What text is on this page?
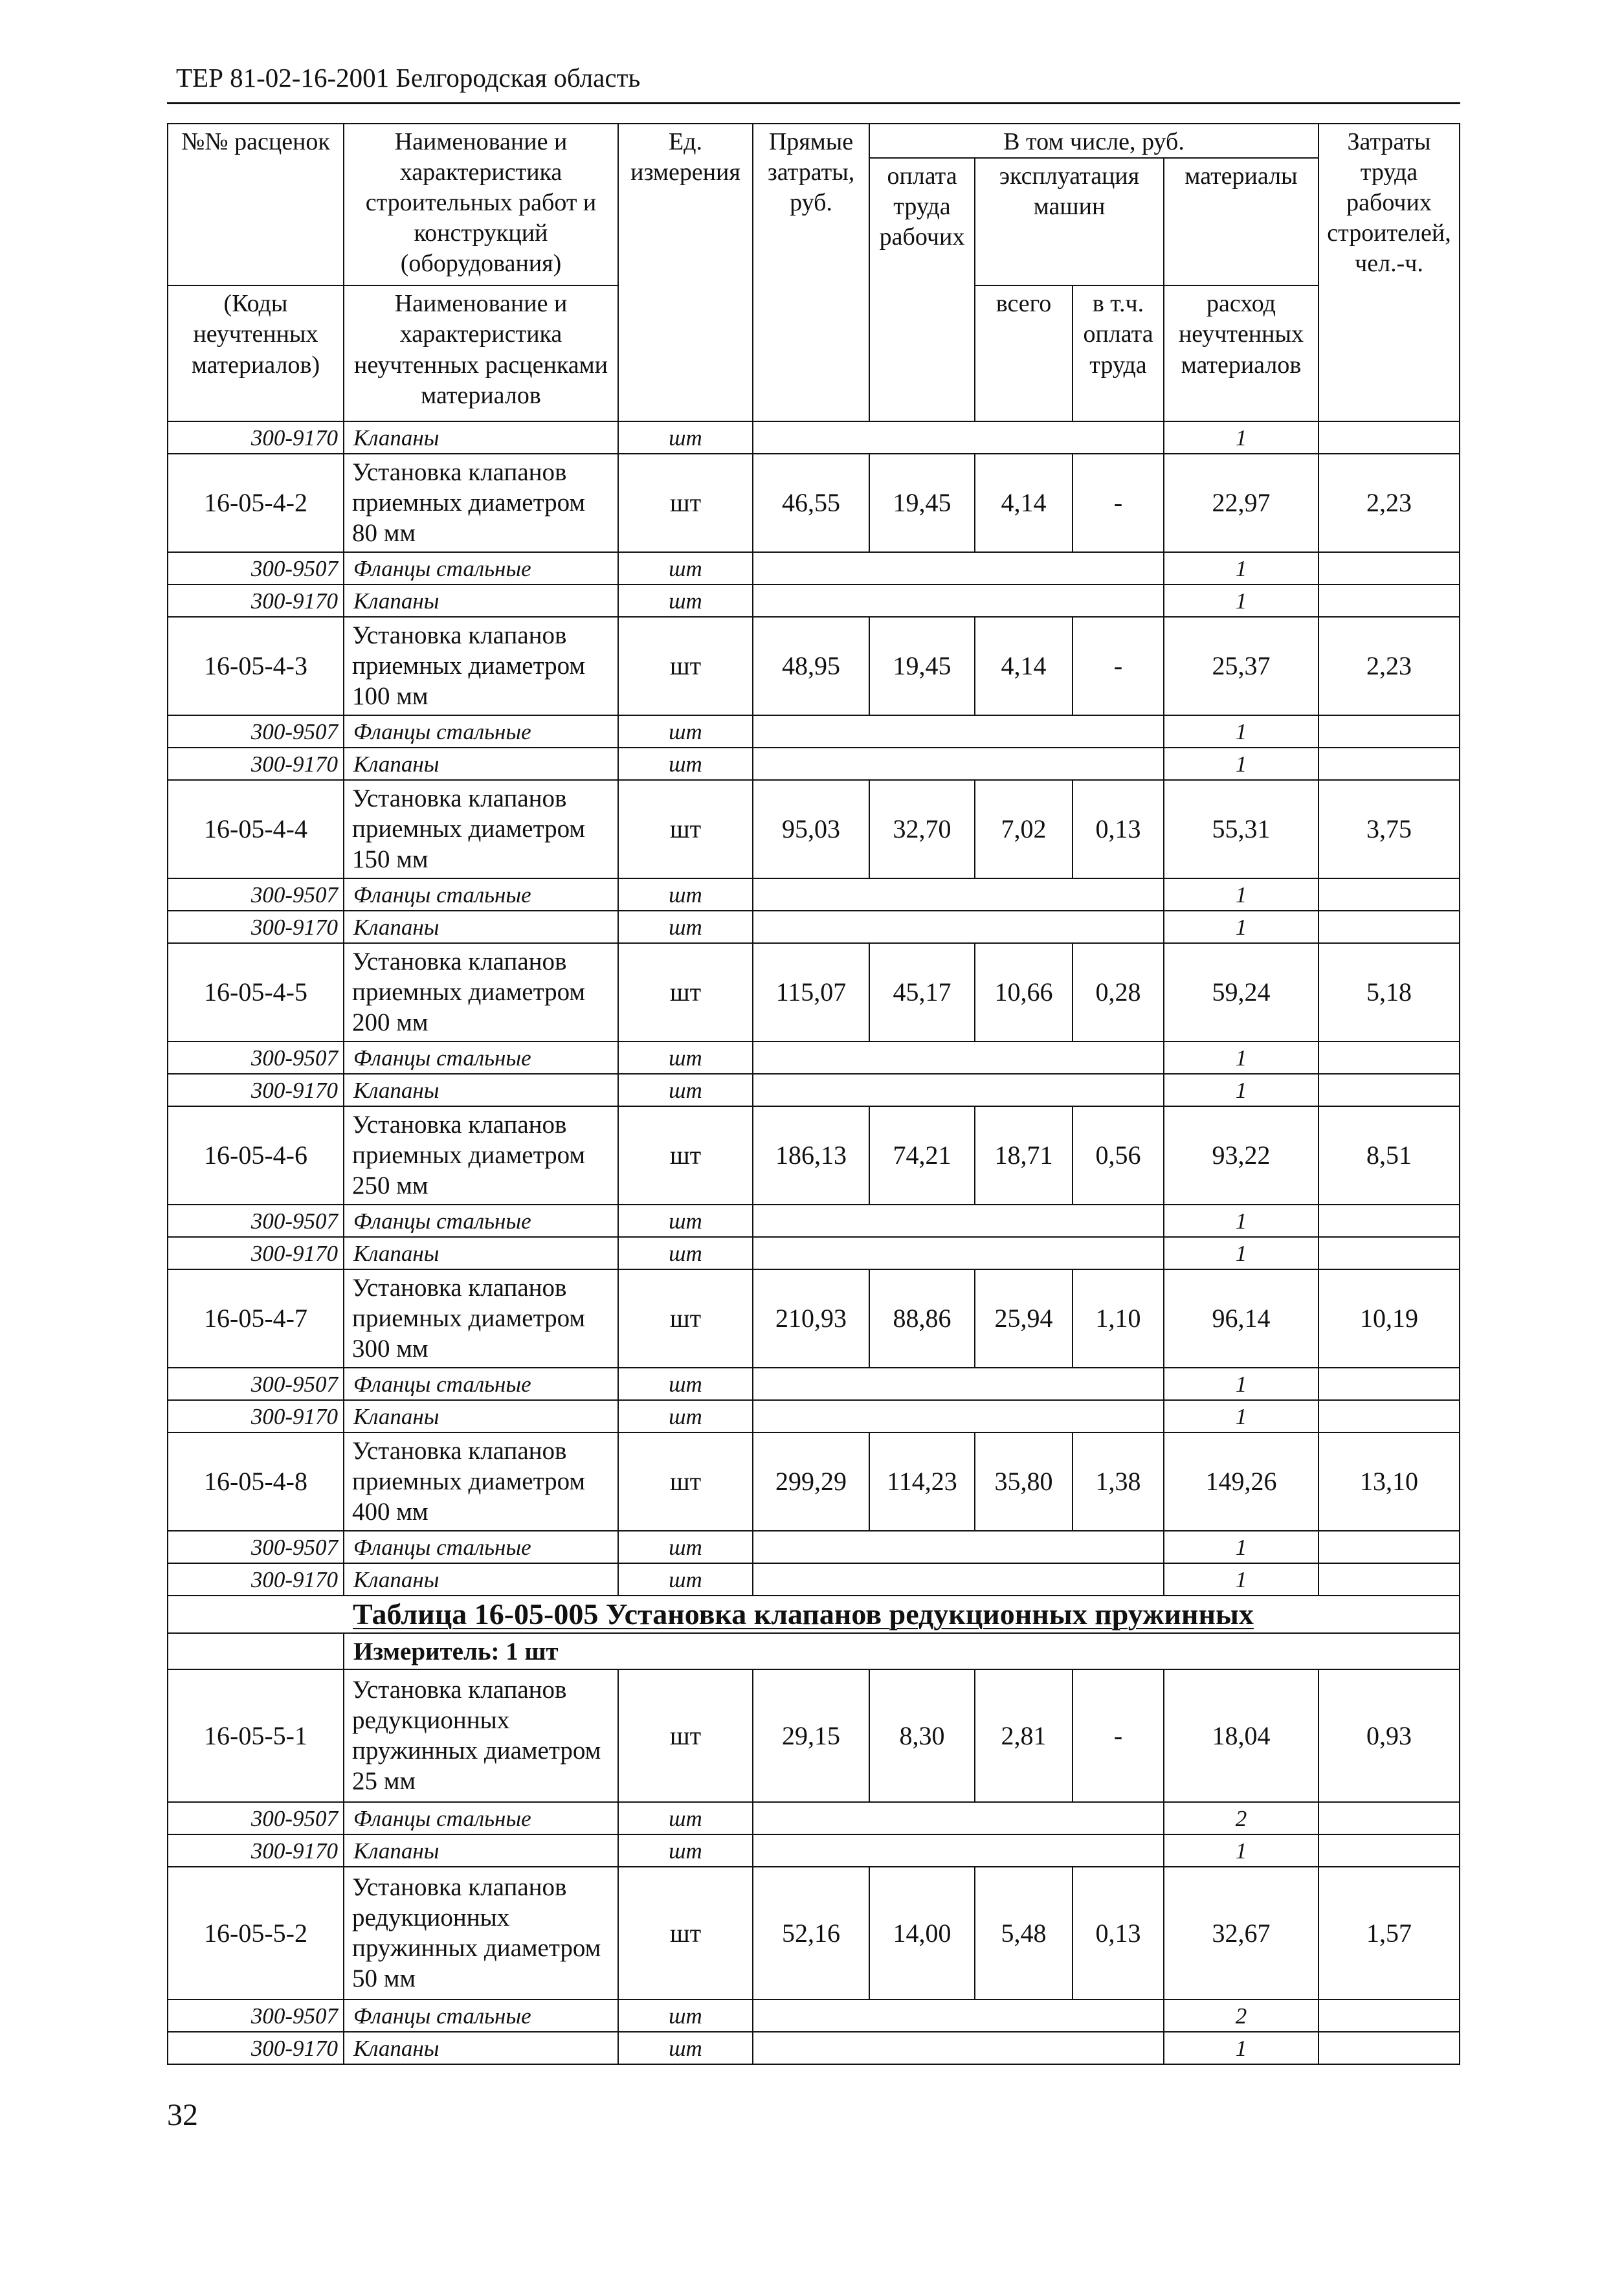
ТЕР 81-02-16-2001 Белгородская область
№№ расценок	Наименование и характеристика строительных работ и конструкций (оборудования)	Ед. измерения	Прямые затраты, руб.	В том числе, руб.				Затраты труда рабочих строителей, чел.-ч.
				оплата труда рабочих	эксплуатация машин		материалы	

(Коды неучтенных материалов)	Наименование и характеристика неучтенных расценками материалов				всего	в т.ч. оплата труда	расход неучтенных материалов	
300-9170	Клапаны	шт					1	
16-05-4-2	Установка клапанов приемных диаметром 80 мм	шт	46,55	19,45	4,14	-	22,97	2,23
300-9507	Фланцы стальные	шт					1	
300-9170	Клапаны	шт					1	
16-05-4-3	Установка клапанов приемных диаметром 100 мм	шт	48,95	19,45	4,14	-	25,37	2,23
300-9507	Фланцы стальные	шт					1	
300-9170	Клапаны	шт					1	
16-05-4-4	Установка клапанов приемных диаметром 150 мм	шт	95,03	32,70	7,02	0,13	55,31	3,75
300-9507	Фланцы стальные	шт					1	
300-9170	Клапаны	шт					1	
16-05-4-5	Установка клапанов приемных диаметром 200 мм	шт	115,07	45,17	10,66	0,28	59,24	5,18
300-9507	Фланцы стальные	шт					1	
300-9170	Клапаны	шт					1	
16-05-4-6	Установка клапанов приемных диаметром 250 мм	шт	186,13	74,21	18,71	0,56	93,22	8,51
300-9507	Фланцы стальные	шт					1	
300-9170	Клапаны	шт					1	
16-05-4-7	Установка клапанов приемных диаметром 300 мм	шт	210,93	88,86	25,94	1,10	96,14	10,19
300-9507	Фланцы стальные	шт					1	
300-9170	Клапаны	шт					1	
16-05-4-8	Установка клапанов приемных диаметром 400 мм	шт	299,29	114,23	35,80	1,38	149,26	13,10
300-9507	Фланцы стальные	шт					1	
300-9170	Клапаны	шт					1	
	Таблица 16-05-005 Установка клапанов редукционных пружинных							
	Измеритель: 1 шт							
16-05-5-1	Установка клапанов редукционных пружинных диаметром 25 мм	шт	29,15	8,30	2,81	-	18,04	0,93
300-9507	Фланцы стальные	шт					2	
300-9170	Клапаны	шт					1	
16-05-5-2	Установка клапанов редукционных пружинных диаметром 50 мм	шт	52,16	14,00	5,48	0,13	32,67	1,57
300-9507	Фланцы стальные	шт					2	
300-9170	Клапаны	шт					1	
32
